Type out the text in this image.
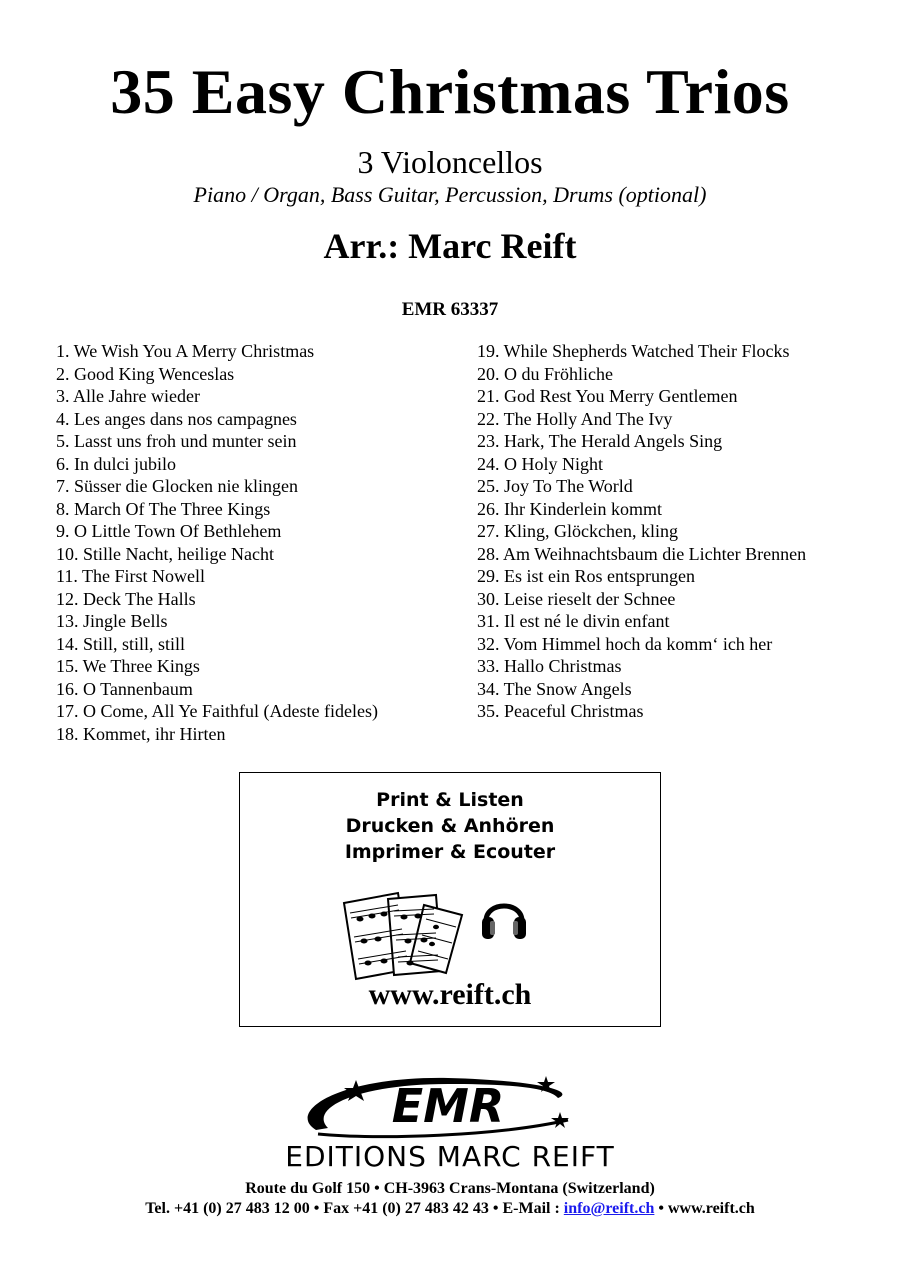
35 Easy Christmas Trios
3 Violoncellos
Piano / Organ, Bass Guitar, Percussion, Drums (optional)
Arr.: Marc Reift
EMR 63337
1. We Wish You A Merry Christmas
2. Good King Wenceslas
3. Alle Jahre wieder
4. Les anges dans nos campagnes
5. Lasst uns froh und munter sein
6. In dulci jubilo
7. Süsser die Glocken nie klingen
8. March Of The Three Kings
9. O Little Town Of Bethlehem
10. Stille Nacht, heilige Nacht
11. The First Nowell
12. Deck The Halls
13. Jingle Bells
14. Still, still, still
15. We Three Kings
16. O Tannenbaum
17. O Come, All Ye Faithful (Adeste fideles)
18. Kommet, ihr Hirten
19. While Shepherds Watched Their Flocks
20. O du Fröhliche
21. God Rest You Merry Gentlemen
22. The Holly And The Ivy
23. Hark, The Herald Angels Sing
24. O Holy Night
25. Joy To The World
26. Ihr Kinderlein kommt
27. Kling, Glöckchen, kling
28. Am Weihnachtsbaum die Lichter Brennen
29. Es ist ein Ros entsprungen
30. Leise rieselt der Schnee
31. Il est né le divin enfant
32. Vom Himmel hoch da komm‘ ich her
33. Hallo Christmas
34. The Snow Angels
35. Peaceful Christmas
Print & Listen
Drucken & Anhören
Imprimer & Ecouter
www.reift.ch
EMR
EDITIONS MARC REIFT
Route du Golf 150 • CH-3963 Crans-Montana (Switzerland)
Tel. +41 (0) 27 483 12 00 • Fax +41 (0) 27 483 42 43 • E-Mail : info@reift.ch • www.reift.ch
